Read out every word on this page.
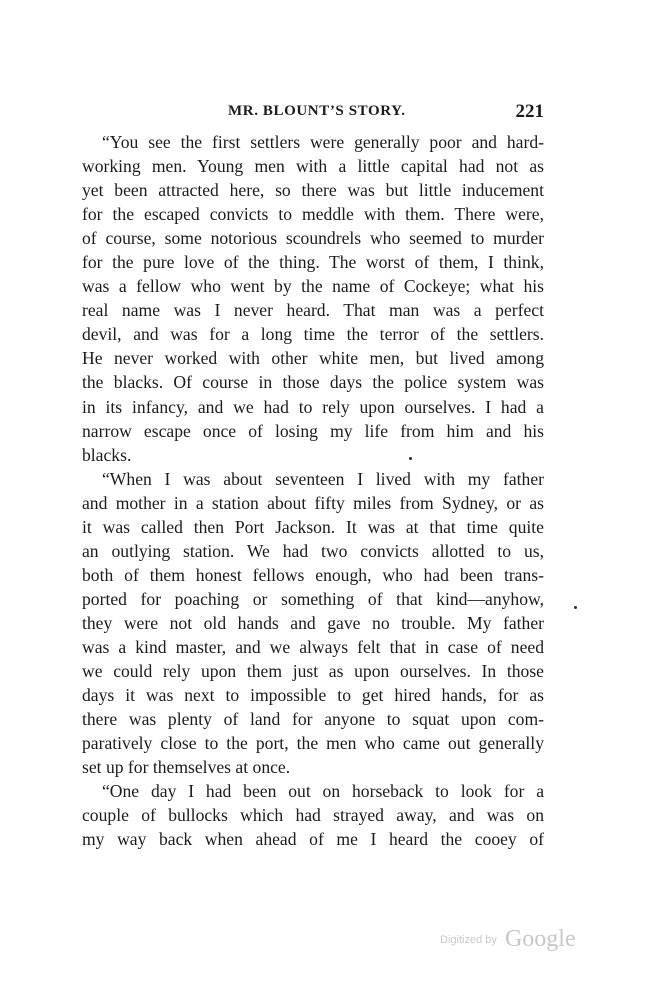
MR. BLOUNT’S STORY.	221
“You see the first settlers were generally poor and hard-
working men. Young men with a little capital had not as
yet been attracted here, so there was but little inducement
for the escaped convicts to meddle with them. There were,
of course, some notorious scoundrels who seemed to murder
for the pure love of the thing. The worst of them, I think,
was a fellow who went by the name of Cockeye; what his
real name was I never heard. That man was a perfect
devil, and was for a long time the terror of the settlers.
He never worked with other white men, but lived among
the blacks. Of course in those days the police system was
in its infancy, and we had to rely upon ourselves. I had a
narrow escape once of losing my life from him and his
blacks.
“When I was about seventeen I lived with my father
and mother in a station about fifty miles from Sydney, or as
it was called then Port Jackson. It was at that time quite
an outlying station. We had two convicts allotted to us,
both of them honest fellows enough, who had been trans-
ported for poaching or something of that kind—anyhow,
they were not old hands and gave no trouble. My father
was a kind master, and we always felt that in case of need
we could rely upon them just as upon ourselves. In those
days it was next to impossible to get hired hands, for as
there was plenty of land for anyone to squat upon com-
paratively close to the port, the men who came out generally
set up for themselves at once.
“One day I had been out on horseback to look for a
couple of bullocks which had strayed away, and was on
my way back when ahead of me I heard the cooey of
Digitized by Google
